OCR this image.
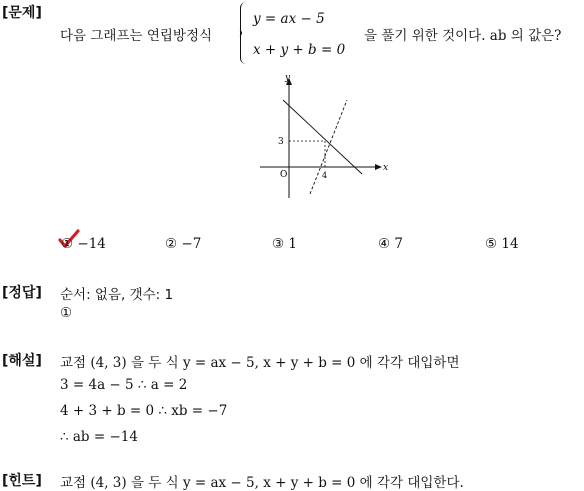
[문제]
다음 그래프는 연립방정식
y = ax − 5
x + y + b = 0
을 풀기 위한 것이다. ab 의 값은?
x
y
O	4
3
① −14	② −7	③ 1	④ 7	⑤ 14
[정답] 순서: 없음, 갯수: 1
①
[해설] 교점 (4, 3) 을 두 식 y = ax − 5, x + y + b = 0 에 각각 대입하면
3 = 4a − 5 ∴ a = 2
4 + 3 + b = 0 ∴ xb = −7
∴ ab = −14
[힌트] 교점 (4, 3) 을 두 식 y = ax − 5, x + y + b = 0 에 각각 대입한다.
